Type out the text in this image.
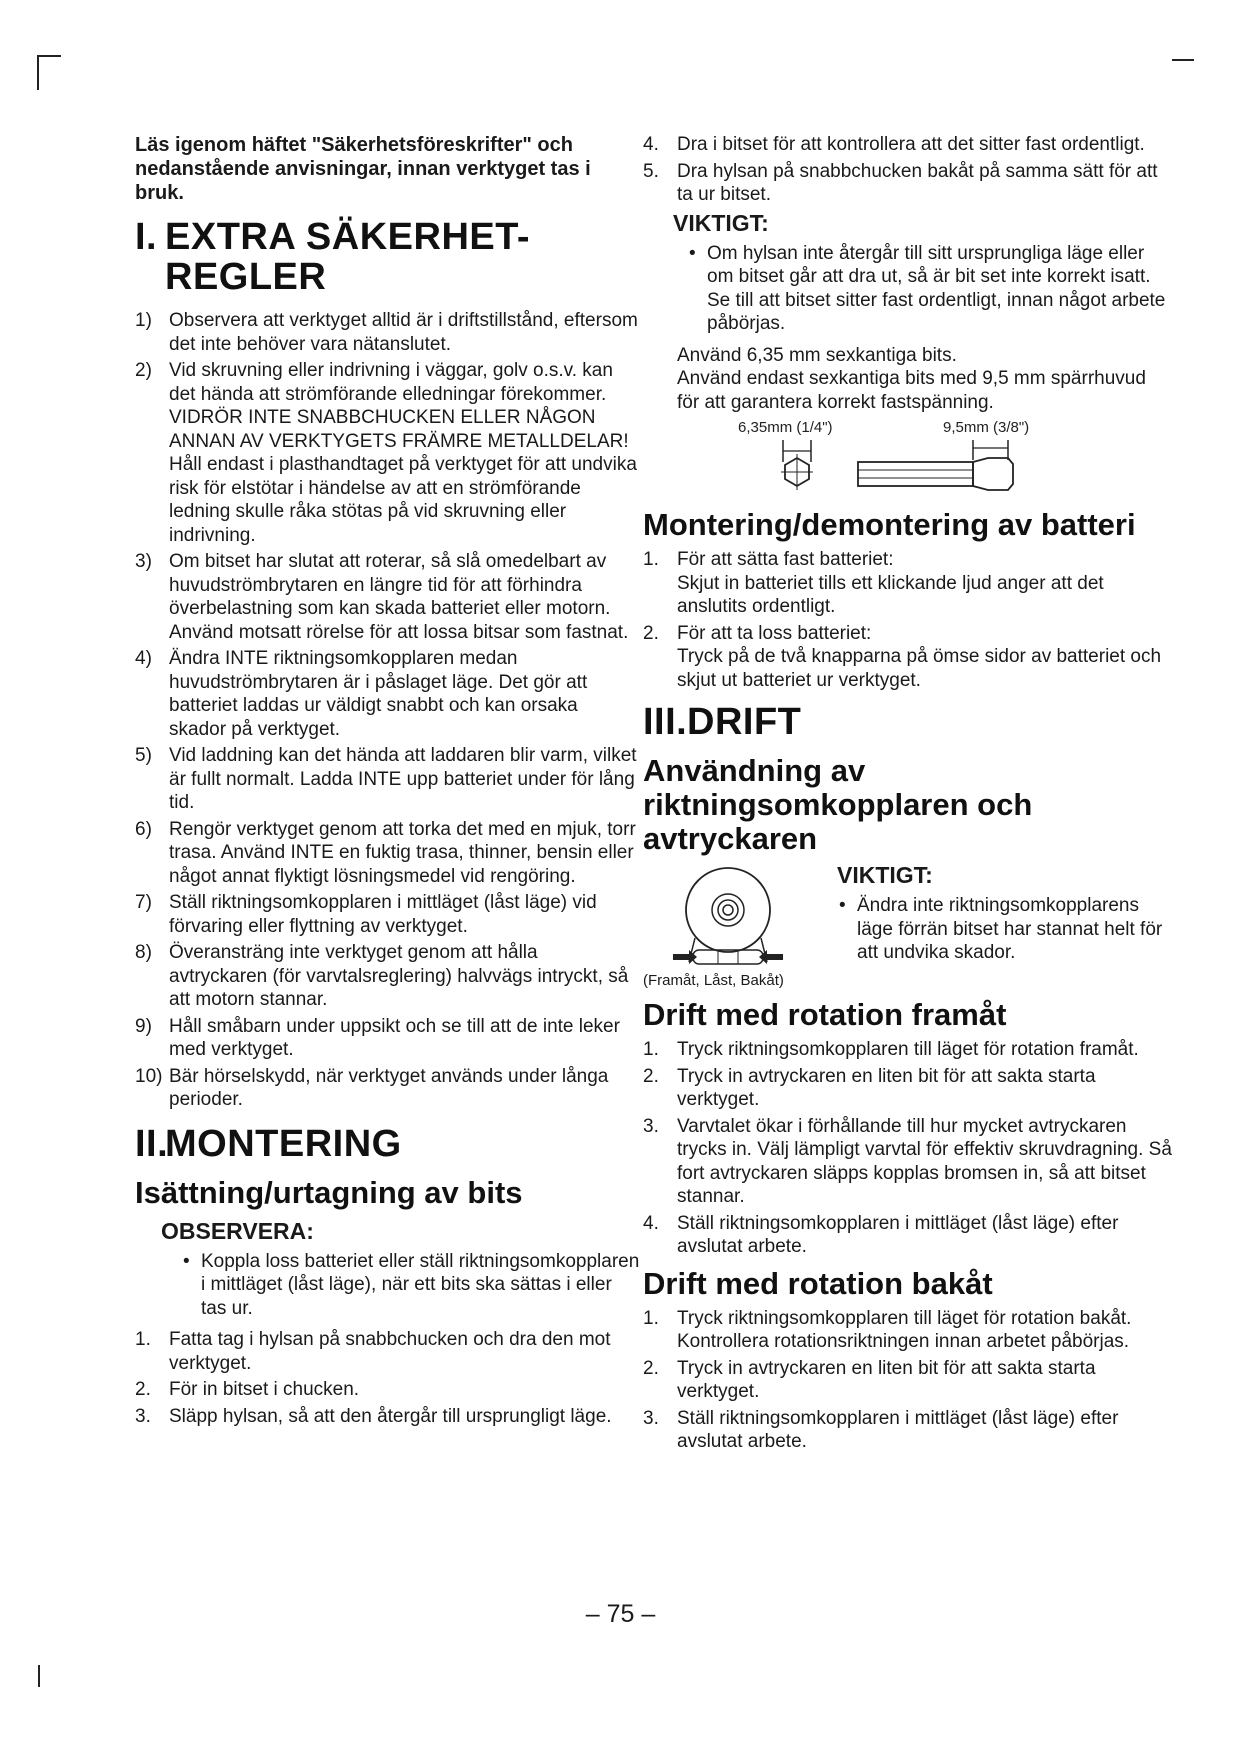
Läs igenom häftet "Säkerhetsföreskrifter" och nedanstående anvisningar, innan verktyget tas i bruk.

I. EXTRA SÄKERHET-
REGLER
1) Observera att verktyget alltid är i driftstillstånd, eftersom det inte behöver vara nätanslutet.
2) Vid skruvning eller indrivning i väggar, golv o.s.v. kan det hända att strömförande elledningar förekommer. VIDRÖR INTE SNABBCHUCKEN ELLER NÅGON ANNAN AV VERKTYGETS FRÄMRE METALLDELAR! Håll endast i plasthandtaget på verktyget för att undvika risk för elstötar i händelse av att en strömförande ledning skulle råka stötas på vid skruvning eller indrivning.
3) Om bitset har slutat att roterar, så slå omedelbart av huvudströmbrytaren en längre tid för att förhindra överbelastning som kan skada batteriet eller motorn. Använd motsatt rörelse för att lossa bitsar som fastnat.
4) Ändra INTE riktningsomkopplaren medan huvudströmbrytaren är i påslaget läge. Det gör att batteriet laddas ur väldigt snabbt och kan orsaka skador på verktyget.
5) Vid laddning kan det hända att laddaren blir varm, vilket är fullt normalt. Ladda INTE upp batteriet under för lång tid.
6) Rengör verktyget genom att torka det med en mjuk, torr trasa. Använd INTE en fuktig trasa, thinner, bensin eller något annat flyktigt lösningsmedel vid rengöring.
7) Ställ riktningsomkopplaren i mittläget (låst läge) vid förvaring eller flyttning av verktyget.
8) Överansträng inte verktyget genom att hålla avtryckaren (för varvtalsreglering) halvvägs intryckt, så att motorn stannar.
9) Håll småbarn under uppsikt och se till att de inte leker med verktyget.
10) Bär hörselskydd, när verktyget används under långa perioder.
II.MONTERING
Isättning/urtagning av bits
OBSERVERA:
• Koppla loss batteriet eller ställ riktningsomkopplaren i mittläget (låst läge), när ett bits ska sättas i eller tas ur.
1. Fatta tag i hylsan på snabbchucken och dra den mot verktyget.
2. För in bitset i chucken.
3. Släpp hylsan, så att den återgår till ursprungligt läge.
4. Dra i bitset för att kontrollera att det sitter fast ordentligt.
5. Dra hylsan på snabbchucken bakåt på samma sätt för att ta ur bitset.
VIKTIGT:
• Om hylsan inte återgår till sitt ursprungliga läge eller om bitset går att dra ut, så är bit set inte korrekt isatt. Se till att bitset sitter fast ordentligt, innan något arbete påbörjas.

Använd 6,35 mm sexkantiga bits.

Använd endast sexkantiga bits med 9,5 mm spärrhuvud för att garantera korrekt fastspänning.

6,35mm (1/4")	9,5mm (3/8")
Montering/demontering av batteri
1. För att sätta fast batteriet:
Skjut in batteriet tills ett klickande ljud anger att det anslutits ordentligt.
2. För att ta loss batteriet:
Tryck på de två knapparna på ömse sidor av batteriet och skjut ut batteriet ur verktyget.
III.DRIFT
Användning av riktningsomkopplaren och avtryckaren
(Framåt, Låst, Bakåt)
VIKTIGT:
• Ändra inte riktningsomkopplarens läge förrän bitset har stannat helt för att undvika skador.
Drift med rotation framåt
1. Tryck riktningsomkopplaren till läget för rotation framåt.
2. Tryck in avtryckaren en liten bit för att sakta starta verktyget.
3. Varvtalet ökar i förhållande till hur mycket avtryckaren trycks in. Välj lämpligt varvtal för effektiv skruvdragning. Så fort avtryckaren släpps kopplas bromsen in, så att bitset stannar.
4. Ställ riktningsomkopplaren i mittläget (låst läge) efter avslutat arbete.
Drift med rotation bakåt
1. Tryck riktningsomkopplaren till läget för rotation bakåt. Kontrollera rotationsriktningen innan arbetet påbörjas.
2. Tryck in avtryckaren en liten bit för att sakta starta verktyget.
3. Ställ riktningsomkopplaren i mittläget (låst läge) efter avslutat arbete.
– 75 –
